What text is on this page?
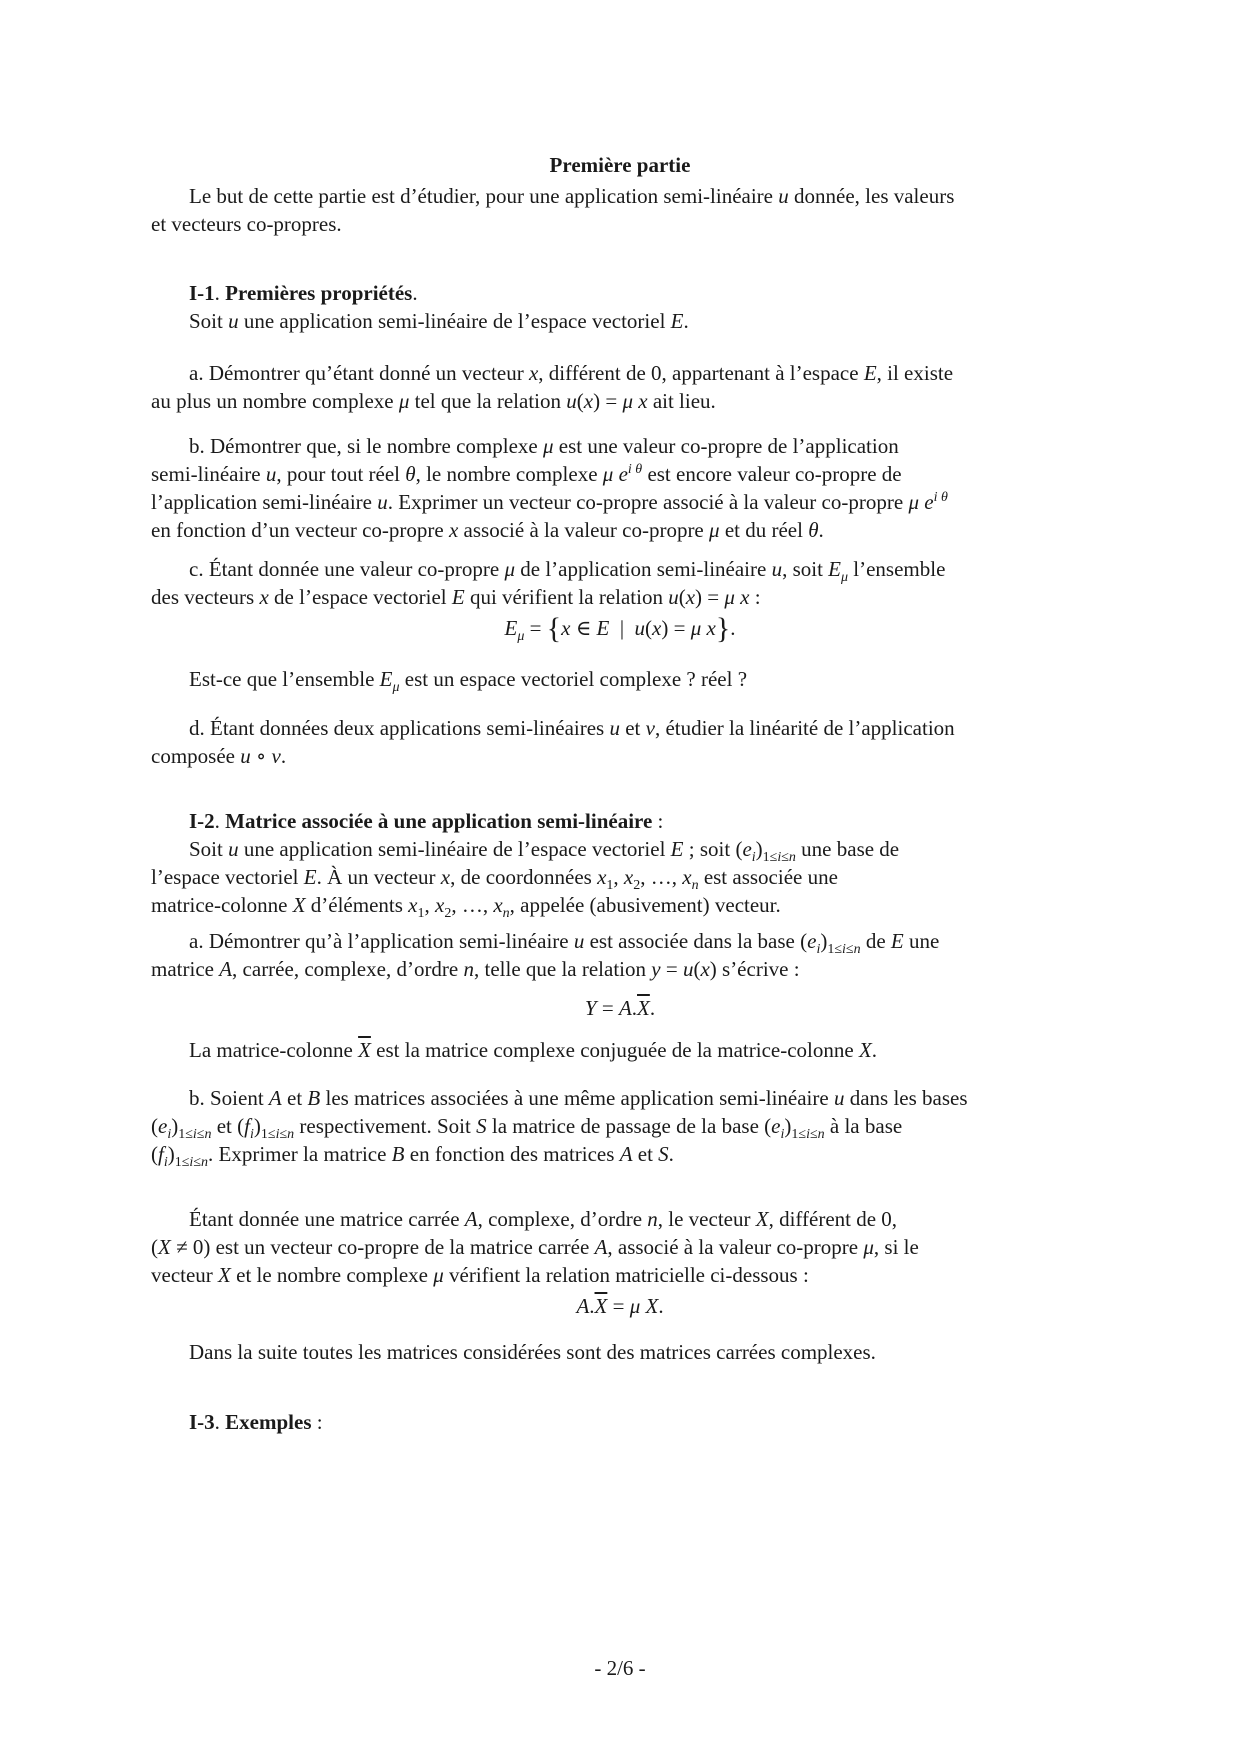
Première partie

Le but de cette partie est d’étudier, pour une application semi-linéaire u donnée, les valeurs

et vecteurs co-propres.

I-1. Premières propriétés.

Soit u une application semi-linéaire de l’espace vectoriel E.

a. Démontrer qu’étant donné un vecteur x, différent de 0, appartenant à l’espace E, il existe

au plus un nombre complexe μ tel que la relation u(x) = μ x ait lieu.

b. Démontrer que, si le nombre complexe μ est une valeur co-propre de l’application

semi-linéaire u, pour tout réel θ, le nombre complexe μ $e^{i \theta}$ est encore valeur co-propre de

l’application semi-linéaire u. Exprimer un vecteur co-propre associé à la valeur co-propre μ $e^{i \theta}$

en fonction d’un vecteur co-propre x associé à la valeur co-propre μ et du réel θ.

c. Étant donnée une valeur co-propre μ de l’application semi-linéaire u, soit $E_\mu$ l’ensemble

des vecteurs x de l’espace vectoriel E qui vérifient la relation u(x) = μ x :

$E_\mu = \{x$ ∈ E  |  u(x) = μ x}.

Est-ce que l’ensemble $E_\mu$ est un espace vectoriel complexe ? réel ?

d. Étant données deux applications semi-linéaires u et v, étudier la linéarité de l’application

composée u ∘ v.

I-2. Matrice associée à une application semi-linéaire :

Soit u une application semi-linéaire de l’espace vectoriel E ; soit $(e_i)_{1\le i\le n}$ une base de

l’espace vectoriel E. À un vecteur x, de coordonnées $x_1$, $x_2$, …, $x_n$ est associée une

matrice-colonne X d’éléments $x_1$, $x_2$, …, $x_n$, appelée (abusivement) vecteur.

a. Démontrer qu’à l’application semi-linéaire u est associée dans la base $(e_i)_{1\le i\le n}$ de E une

matrice A, carrée, complexe, d’ordre n, telle que la relation y = u(x) s’écrive :

$Y = A.\overline{X}$.

La matrice-colonne $\overline{X}$ est la matrice complexe conjuguée de la matrice-colonne X.

b. Soient A et B les matrices associées à une même application semi-linéaire u dans les bases

$(e_i)_{1\le i\le n}$ et $(f_i)_{1\le i\le n}$ respectivement. Soit S la matrice de passage de la base $(e_i)_{1\le i\le n}$ à la base

$(f_i)_{1\le i\le n}$. Exprimer la matrice B en fonction des matrices A et S.

Étant donnée une matrice carrée A, complexe, d’ordre n, le vecteur X, différent de 0,

(X ≠ 0) est un vecteur co-propre de la matrice carrée A, associé à la valeur co-propre μ, si le

vecteur X et le nombre complexe μ vérifient la relation matricielle ci-dessous :

$A.\overline{X} = \mu$ X.

Dans la suite toutes les matrices considérées sont des matrices carrées complexes.

I-3. Exemples :

- 2/6 -
